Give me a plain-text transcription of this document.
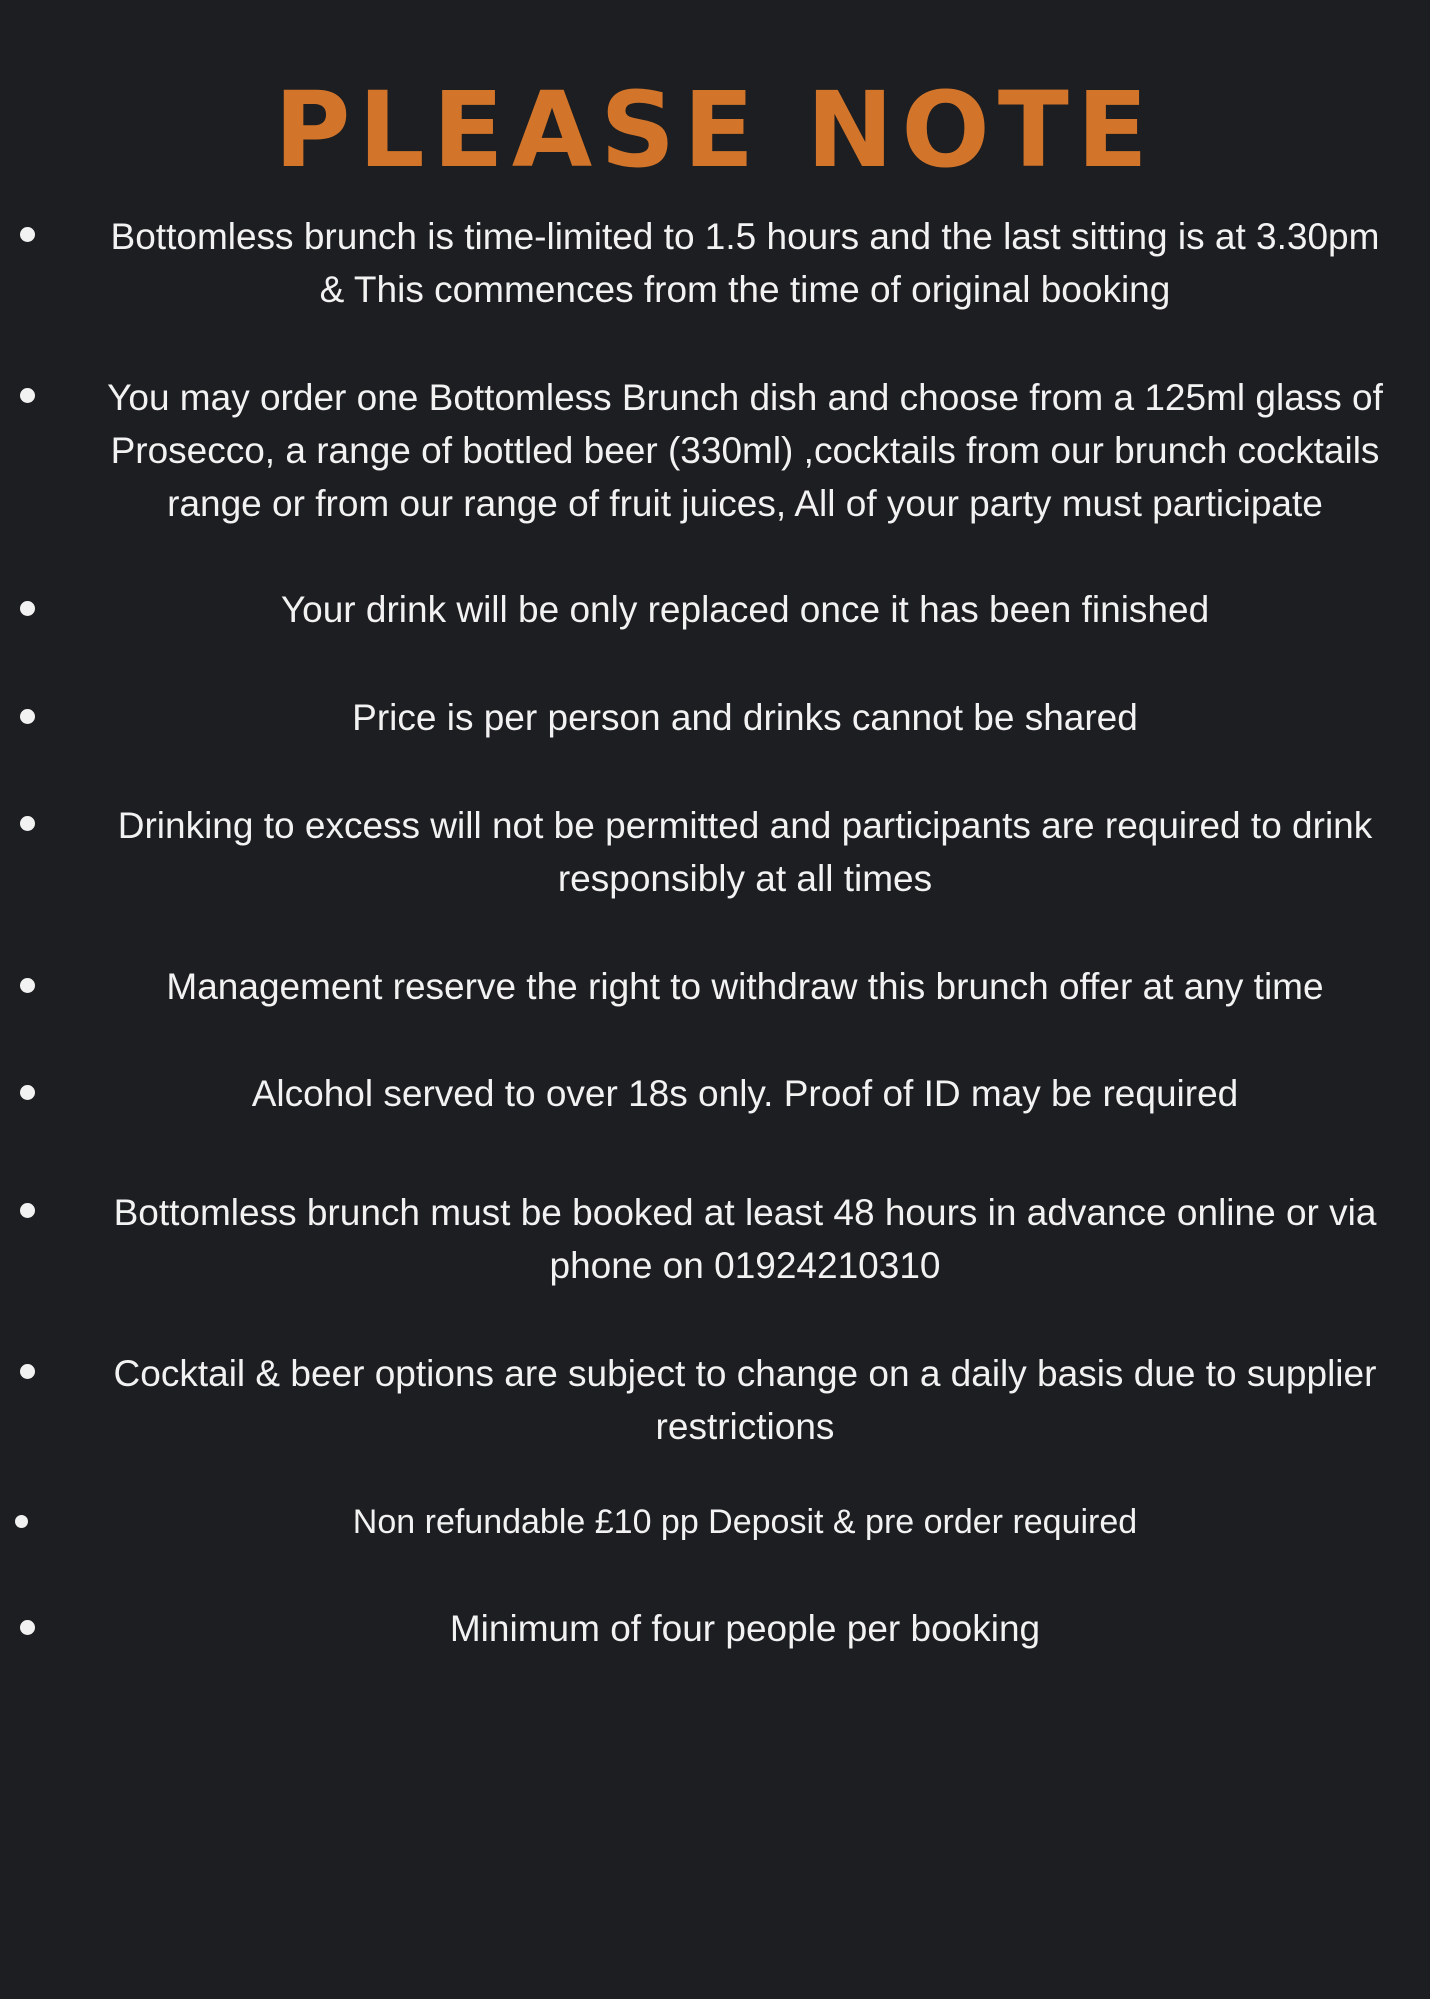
PLEASE NOTE
Bottomless brunch is time-limited to 1.5 hours and the last sitting is at 3.30pm
& This commences from the time of original booking
You may order one Bottomless Brunch dish and choose from a 125ml glass of
Prosecco, a range of bottled beer (330ml) ,cocktails from our brunch cocktails
range or from our range of fruit juices, All of your party must participate
Your drink will be only replaced once it has been finished
Price is per person and drinks cannot be shared
Drinking to excess will not be permitted and participants are required to drink
responsibly at all times
Management reserve the right to withdraw this brunch offer at any time
Alcohol served to over 18s only. Proof of ID may be required
Bottomless brunch must be booked at least 48 hours in advance online or via
phone on 01924210310
Cocktail & beer options are subject to change on a daily basis due to supplier
restrictions
Non refundable £10 pp Deposit & pre order required
Minimum of four people per booking
